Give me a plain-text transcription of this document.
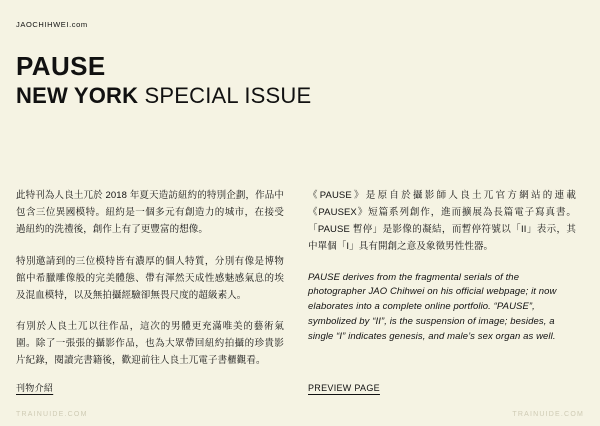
JAOCHIHWEI.com
PAUSE
NEW YORK SPECIAL ISSUE

此特刊為人良土兀於 2018 年夏天造訪紐約的特別企劃，作品中包含三位異國模特。紐約是一個多元有創造力的城市，在接受過紐約的洗禮後，創作上有了更豐富的想像。

特別邀請到的三位模特皆有濃厚的個人特質，分別有像是博物館中希臘雕像般的完美體態、帶有渾然天成性感魅感氣息的埃及混血模特，以及無拍攝經驗卻無畏尺度的超級素人。

有別於人良土兀以往作品，這次的男體更充滿唯美的藝術氣圍。除了一張張的攝影作品，也為大眾帶回紐約拍攝的珍貴影片紀錄，閱讀完書籍後，歡迎前往人良土兀電子書櫃觀看。

《PAUSE》是原自於攝影師人良土兀官方網站的連載《PAUSEX》短篇系列創作，進而擴展為長篇電子寫真書。「PAUSE 暫停」是影像的凝結，而暫停符號以「II」表示，其中單個「I」具有開創之意及象徵男性性器。

PAUSE derives from the fragmental serials of the photographer JAO Chihwei on his official webpage; it now elaborates into a complete online portfolio. “PAUSE”, symbolized by “II”, is the suspension of image; besides, a single “I” indicates genesis, and male’s sex organ as well.

刊物介紹	PREVIEW PAGE
TRAINUIDE.COM	TRAINUIDE.COM
